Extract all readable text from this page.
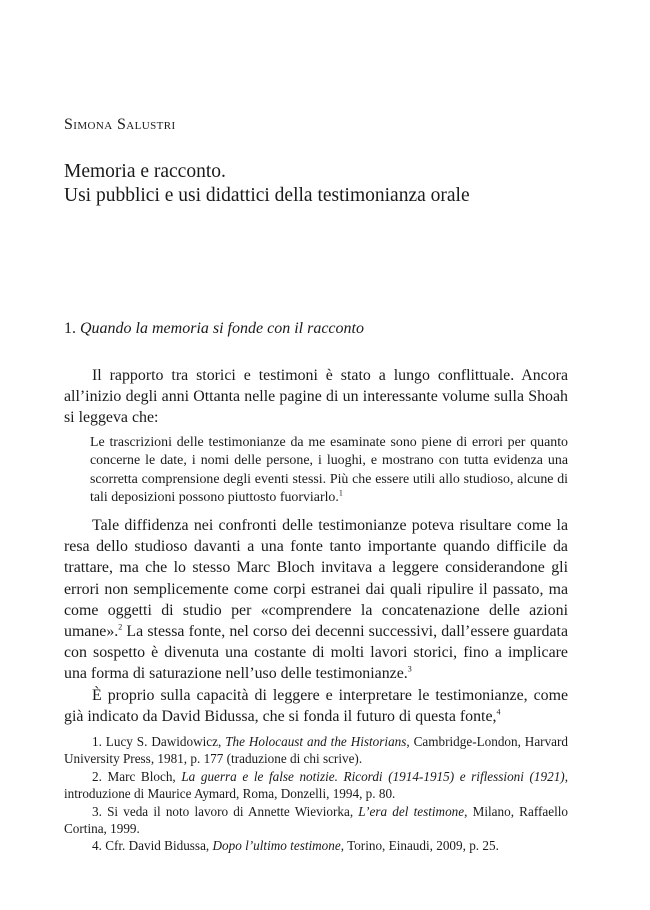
Simona Salustri
Memoria e racconto.
Usi pubblici e usi didattici della testimonianza orale
1. Quando la memoria si fonde con il racconto

Il rapporto tra storici e testimoni è stato a lungo conflittuale. Ancora all’inizio degli anni Ottanta nelle pagine di un interessante volume sulla Shoah si leggeva che:

Le trascrizioni delle testimonianze da me esaminate sono piene di errori per quanto concerne le date, i nomi delle persone, i luoghi, e mostrano con tutta evidenza una scorretta comprensione degli eventi stessi. Più che essere utili allo studioso, alcune di tali deposizioni possono piuttosto fuorviarlo.$^1$

Tale diffidenza nei confronti delle testimonianze poteva risultare come la resa dello studioso davanti a una fonte tanto importante quando difficile da trattare, ma che lo stesso Marc Bloch invitava a leggere considerandone gli errori non semplicemente come corpi estranei dai quali ripulire il passato, ma come oggetti di studio per «comprendere la concatenazione delle azioni umane».$^2$ La stessa fonte, nel corso dei decenni successivi, dall’essere guardata con sospetto è divenuta una costante di molti lavori storici, fino a implicare una forma di saturazione nell’uso delle testimonianze.$^3$

È proprio sulla capacità di leggere e interpretare le testimonianze, come già indicato da David Bidussa, che si fonda il futuro di questa fonte,$^4$

1. Lucy S. Dawidowicz, The Holocaust and the Historians, Cambridge-London, Harvard University Press, 1981, p. 177 (traduzione di chi scrive).

2. Marc Bloch, La guerra e le false notizie. Ricordi (1914-1915) e riflessioni (1921), introduzione di Maurice Aymard, Roma, Donzelli, 1994, p. 80.

3. Si veda il noto lavoro di Annette Wieviorka, L’era del testimone, Milano, Raffaello Cortina, 1999.

4. Cfr. David Bidussa, Dopo l’ultimo testimone, Torino, Einaudi, 2009, p. 25.
